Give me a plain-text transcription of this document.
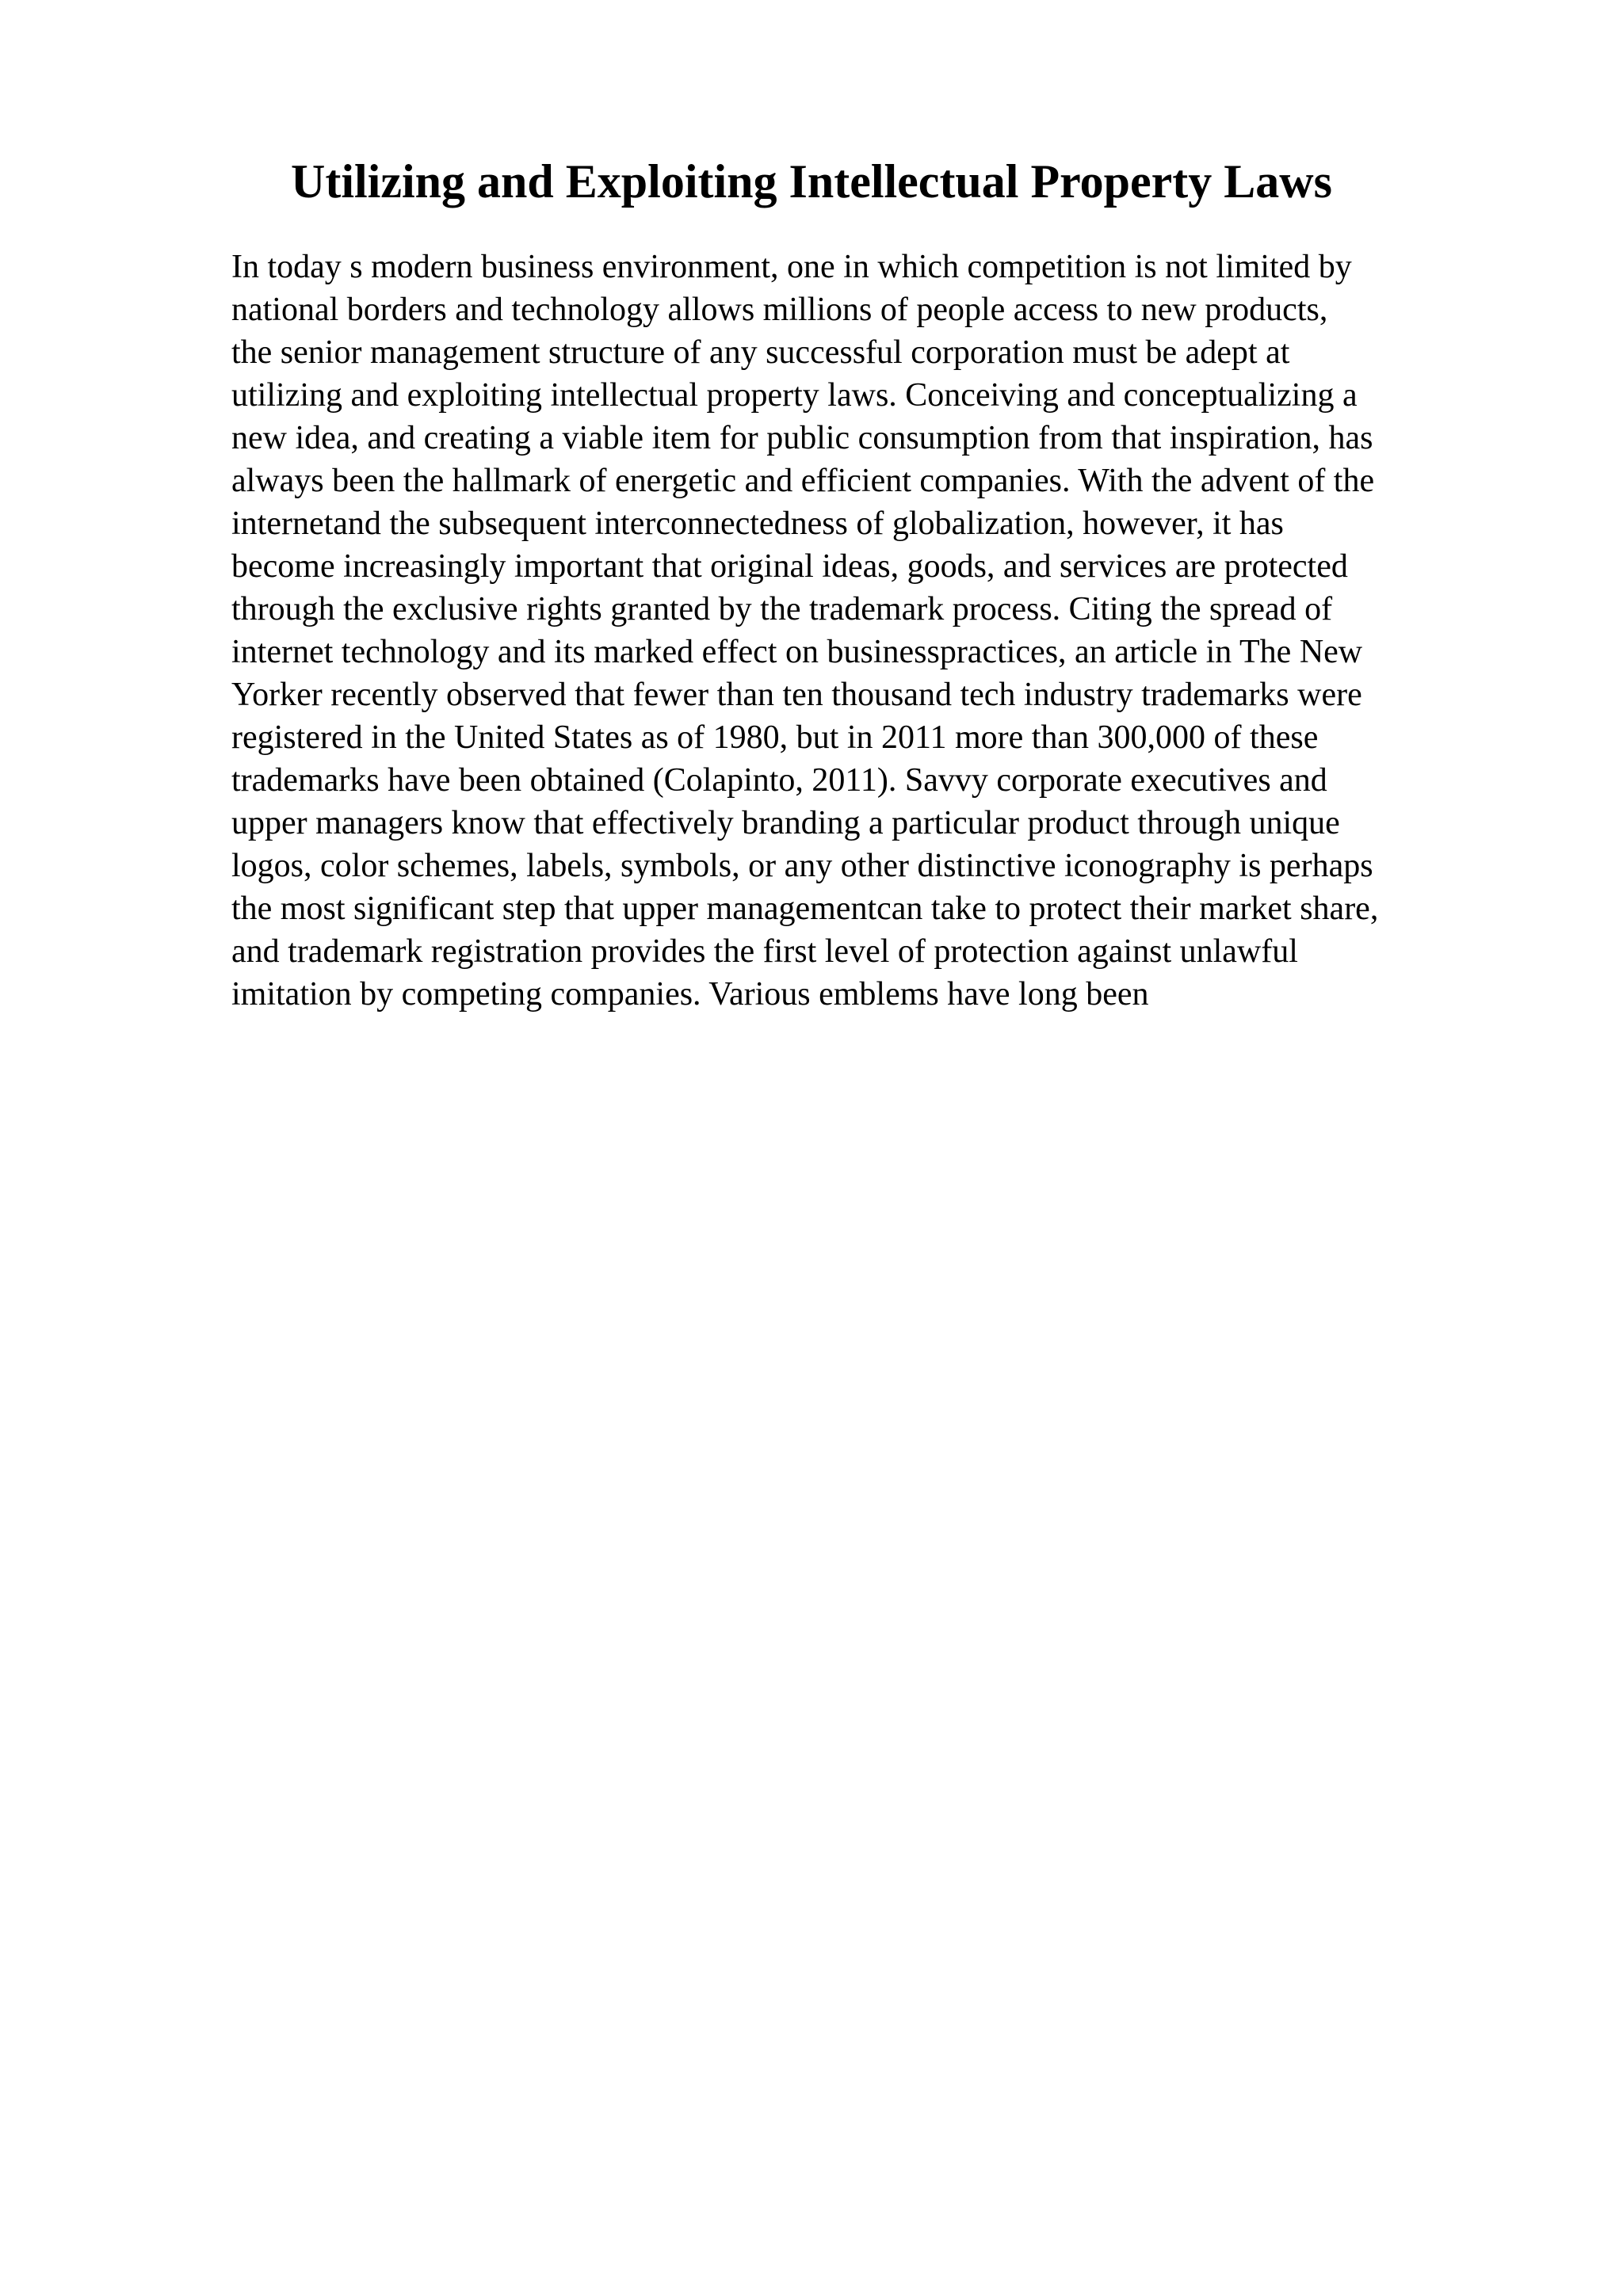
Utilizing and Exploiting Intellectual Property Laws
In today s modern business environment, one in which competition is not limited by
national borders and technology allows millions of people access to new products,
the senior management structure of any successful corporation must be adept at
utilizing and exploiting intellectual property laws. Conceiving and conceptualizing a
new idea, and creating a viable item for public consumption from that inspiration, has
always been the hallmark of energetic and efficient companies. With the advent of the
internetand the subsequent interconnectedness of globalization, however, it has
become increasingly important that original ideas, goods, and services are protected
through the exclusive rights granted by the trademark process. Citing the spread of
internet technology and its marked effect on businesspractices, an article in The New
Yorker recently observed that fewer than ten thousand tech industry trademarks were
registered in the United States as of 1980, but in 2011 more than 300,000 of these
trademarks have been obtained (Colapinto, 2011). Savvy corporate executives and
upper managers know that effectively branding a particular product through unique
logos, color schemes, labels, symbols, or any other distinctive iconography is perhaps
the most significant step that upper managementcan take to protect their market share,
and trademark registration provides the first level of protection against unlawful
imitation by competing companies. Various emblems have long been
